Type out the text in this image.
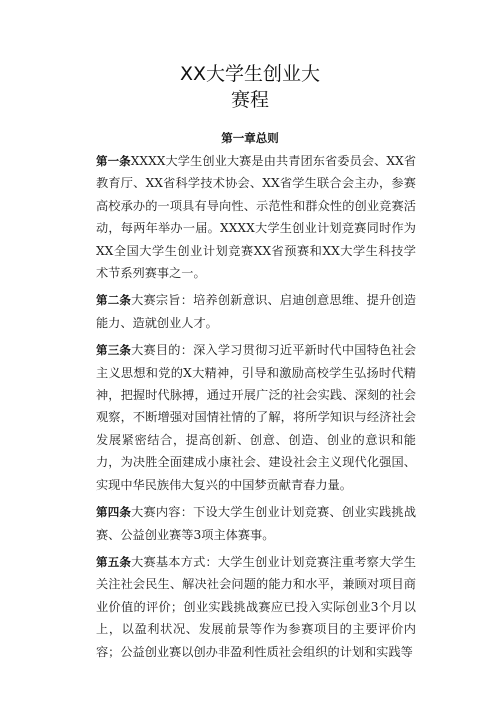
XX大学生创业大
赛程
第一章总则

第一条XXXX大学生创业大赛是由共青团东省委员会、XX省教育厅、XX省科学技术协会、XX省学生联合会主办，参赛高校承办的一项具有导向性、示范性和群众性的创业竞赛活动，每两年举办一届。XXXX大学生创业计划竞赛同时作为XX全国大学生创业计划竞赛XX省预赛和XX大学生科技学术节系列赛事之一。

第二条大赛宗旨：培养创新意识、启迪创意思维、提升创造能力、造就创业人才。

第三条大赛目的：深入学习贯彻习近平新时代中国特色社会主义思想和党的X大精神，引导和激励高校学生弘扬时代精神，把握时代脉搏，通过开展广泛的社会实践、深刻的社会观察，不断增强对国情社情的了解，将所学知识与经济社会发展紧密结合，提高创新、创意、创造、创业的意识和能力，为决胜全面建成小康社会、建设社会主义现代化强国、实现中华民族伟大复兴的中国梦贡献青春力量。

第四条大赛内容：下设大学生创业计划竞赛、创业实践挑战赛、公益创业赛等3项主体赛事。

第五条大赛基本方式：大学生创业计划竞赛注重考察大学生关注社会民生、解决社会问题的能力和水平，兼顾对项目商业价值的评价；创业实践挑战赛应已投入实际创业3个月以上，以盈利状况、发展前景等作为参赛项目的主要评价内容；公益创业赛以创办非盈利性质社会组织的计划和实践等
